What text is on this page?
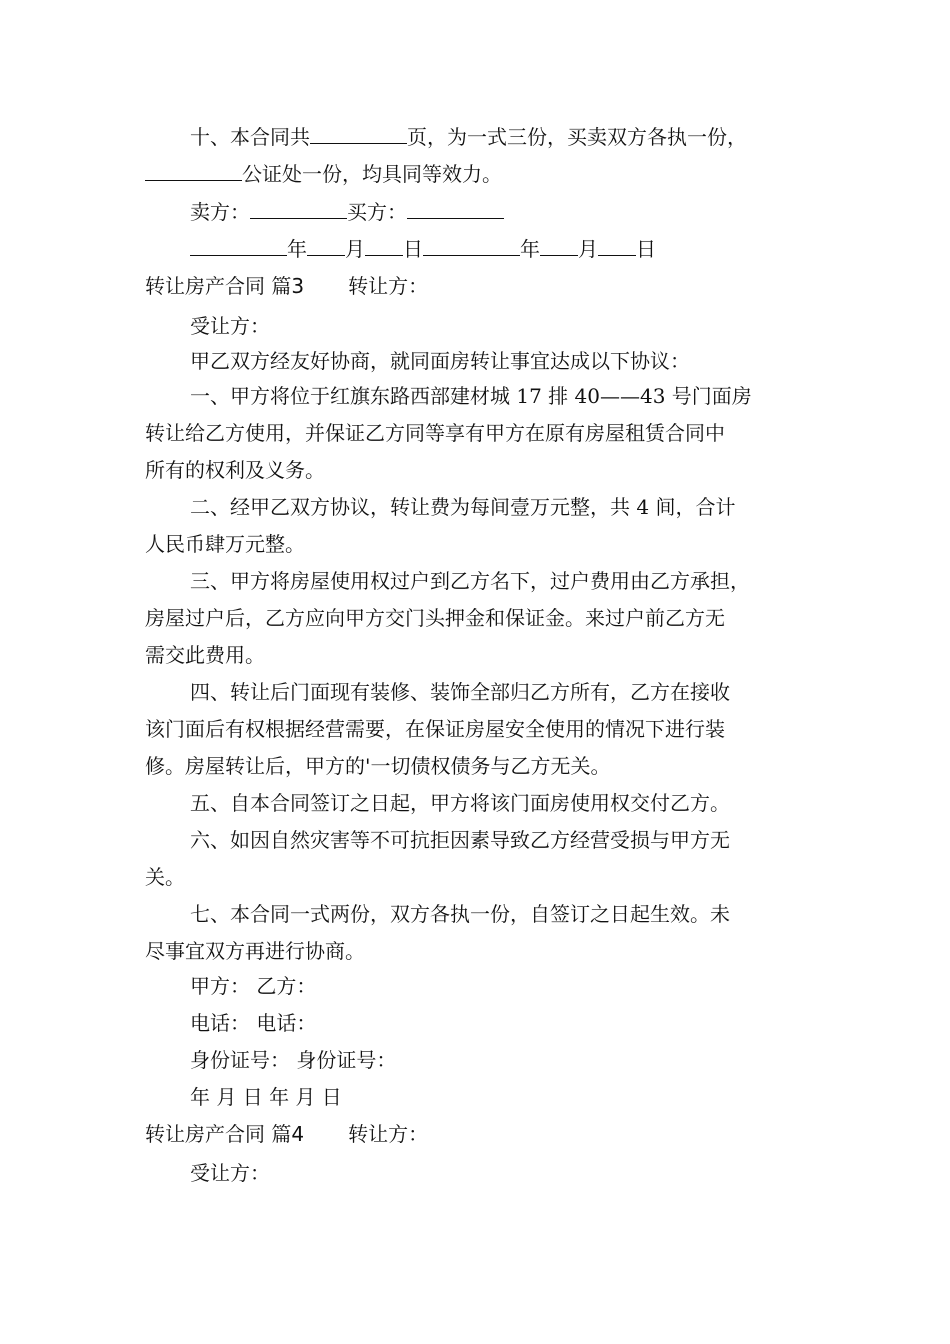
十、本合同共	页，为一式三份，买卖双方各执一份，
公证处一份，均具同等效力。
卖方：	买方：
年 月 日	年 月 日
转让房产合同 篇3 转让方：
受让方：
甲乙双方经友好协商，就同面房转让事宜达成以下协议：
一、甲方将位于红旗东路西部建材城 17 排 40——43 号门面房
转让给乙方使用，并保证乙方同等享有甲方在原有房屋租赁合同中
所有的权利及义务。
二、经甲乙双方协议，转让费为每间壹万元整，共 4 间，合计
人民币肆万元整。
三、甲方将房屋使用权过户到乙方名下，过户费用由乙方承担，
房屋过户后，乙方应向甲方交门头押金和保证金。来过户前乙方无
需交此费用。
四、转让后门面现有装修、装饰全部归乙方所有，乙方在接收
该门面后有权根据经营需要，在保证房屋安全使用的情况下进行装
修。房屋转让后，甲方的'一切债权债务与乙方无关。
五、自本合同签订之日起，甲方将该门面房使用权交付乙方。
六、如因自然灾害等不可抗拒因素导致乙方经营受损与甲方无
关。
七、本合同一式两份，双方各执一份，自签订之日起生效。未
尽事宜双方再进行协商。
甲方： 乙方：
电话： 电话：
身份证号： 身份证号：
年 月 日 年 月 日
转让房产合同 篇4 转让方：
受让方：
